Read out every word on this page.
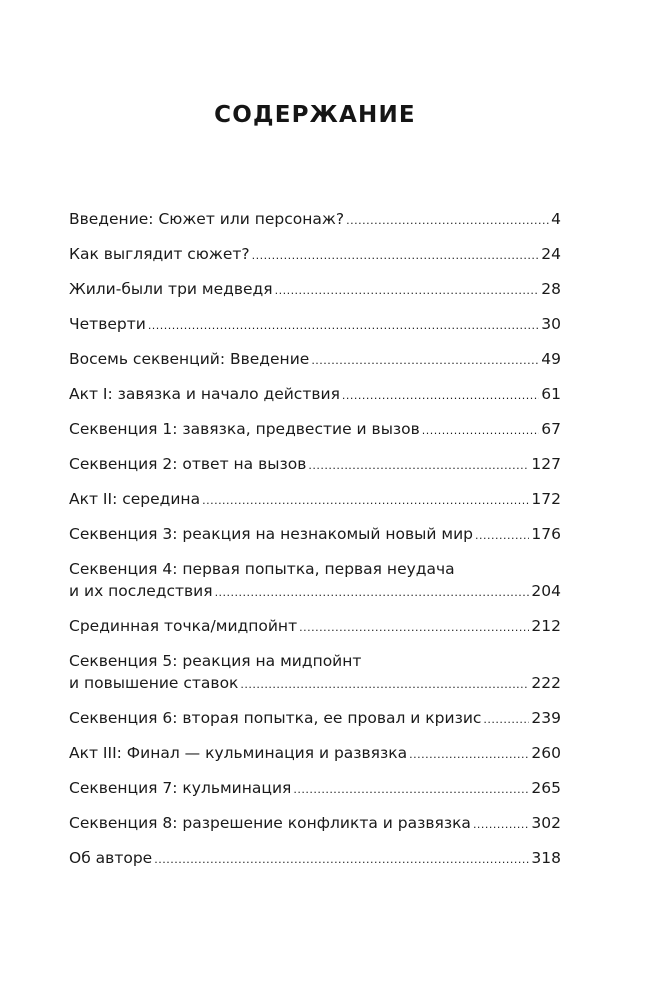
СОДЕРЖАНИЕ
Введение: Сюжет или персонаж? .....	4
Как выглядит сюжет? .....	24
Жили-были три медведя .....	28
Четверти .....	30
Восемь секвенций: Введение .....	49
Акт I: завязка и начало действия .....	61
Секвенция 1: завязка, предвестие и вызов .....	67
Секвенция 2: ответ на вызов .....	127
Акт II: середина .....	172
Секвенция 3: реакция на незнакомый новый мир .....	176
Секвенция 4: первая попытка, первая неудача
и их последствия .....	204
Срединная точка/мидпойнт .....	212
Секвенция 5: реакция на мидпойнт
и повышение ставок .....	222
Секвенция 6: вторая попытка, ее провал и кризис .....	239
Акт III: Финал — кульминация и развязка .....	260
Секвенция 7: кульминация .....	265
Секвенция 8: разрешение конфликта и развязка .....	302
Об авторе .....	318
